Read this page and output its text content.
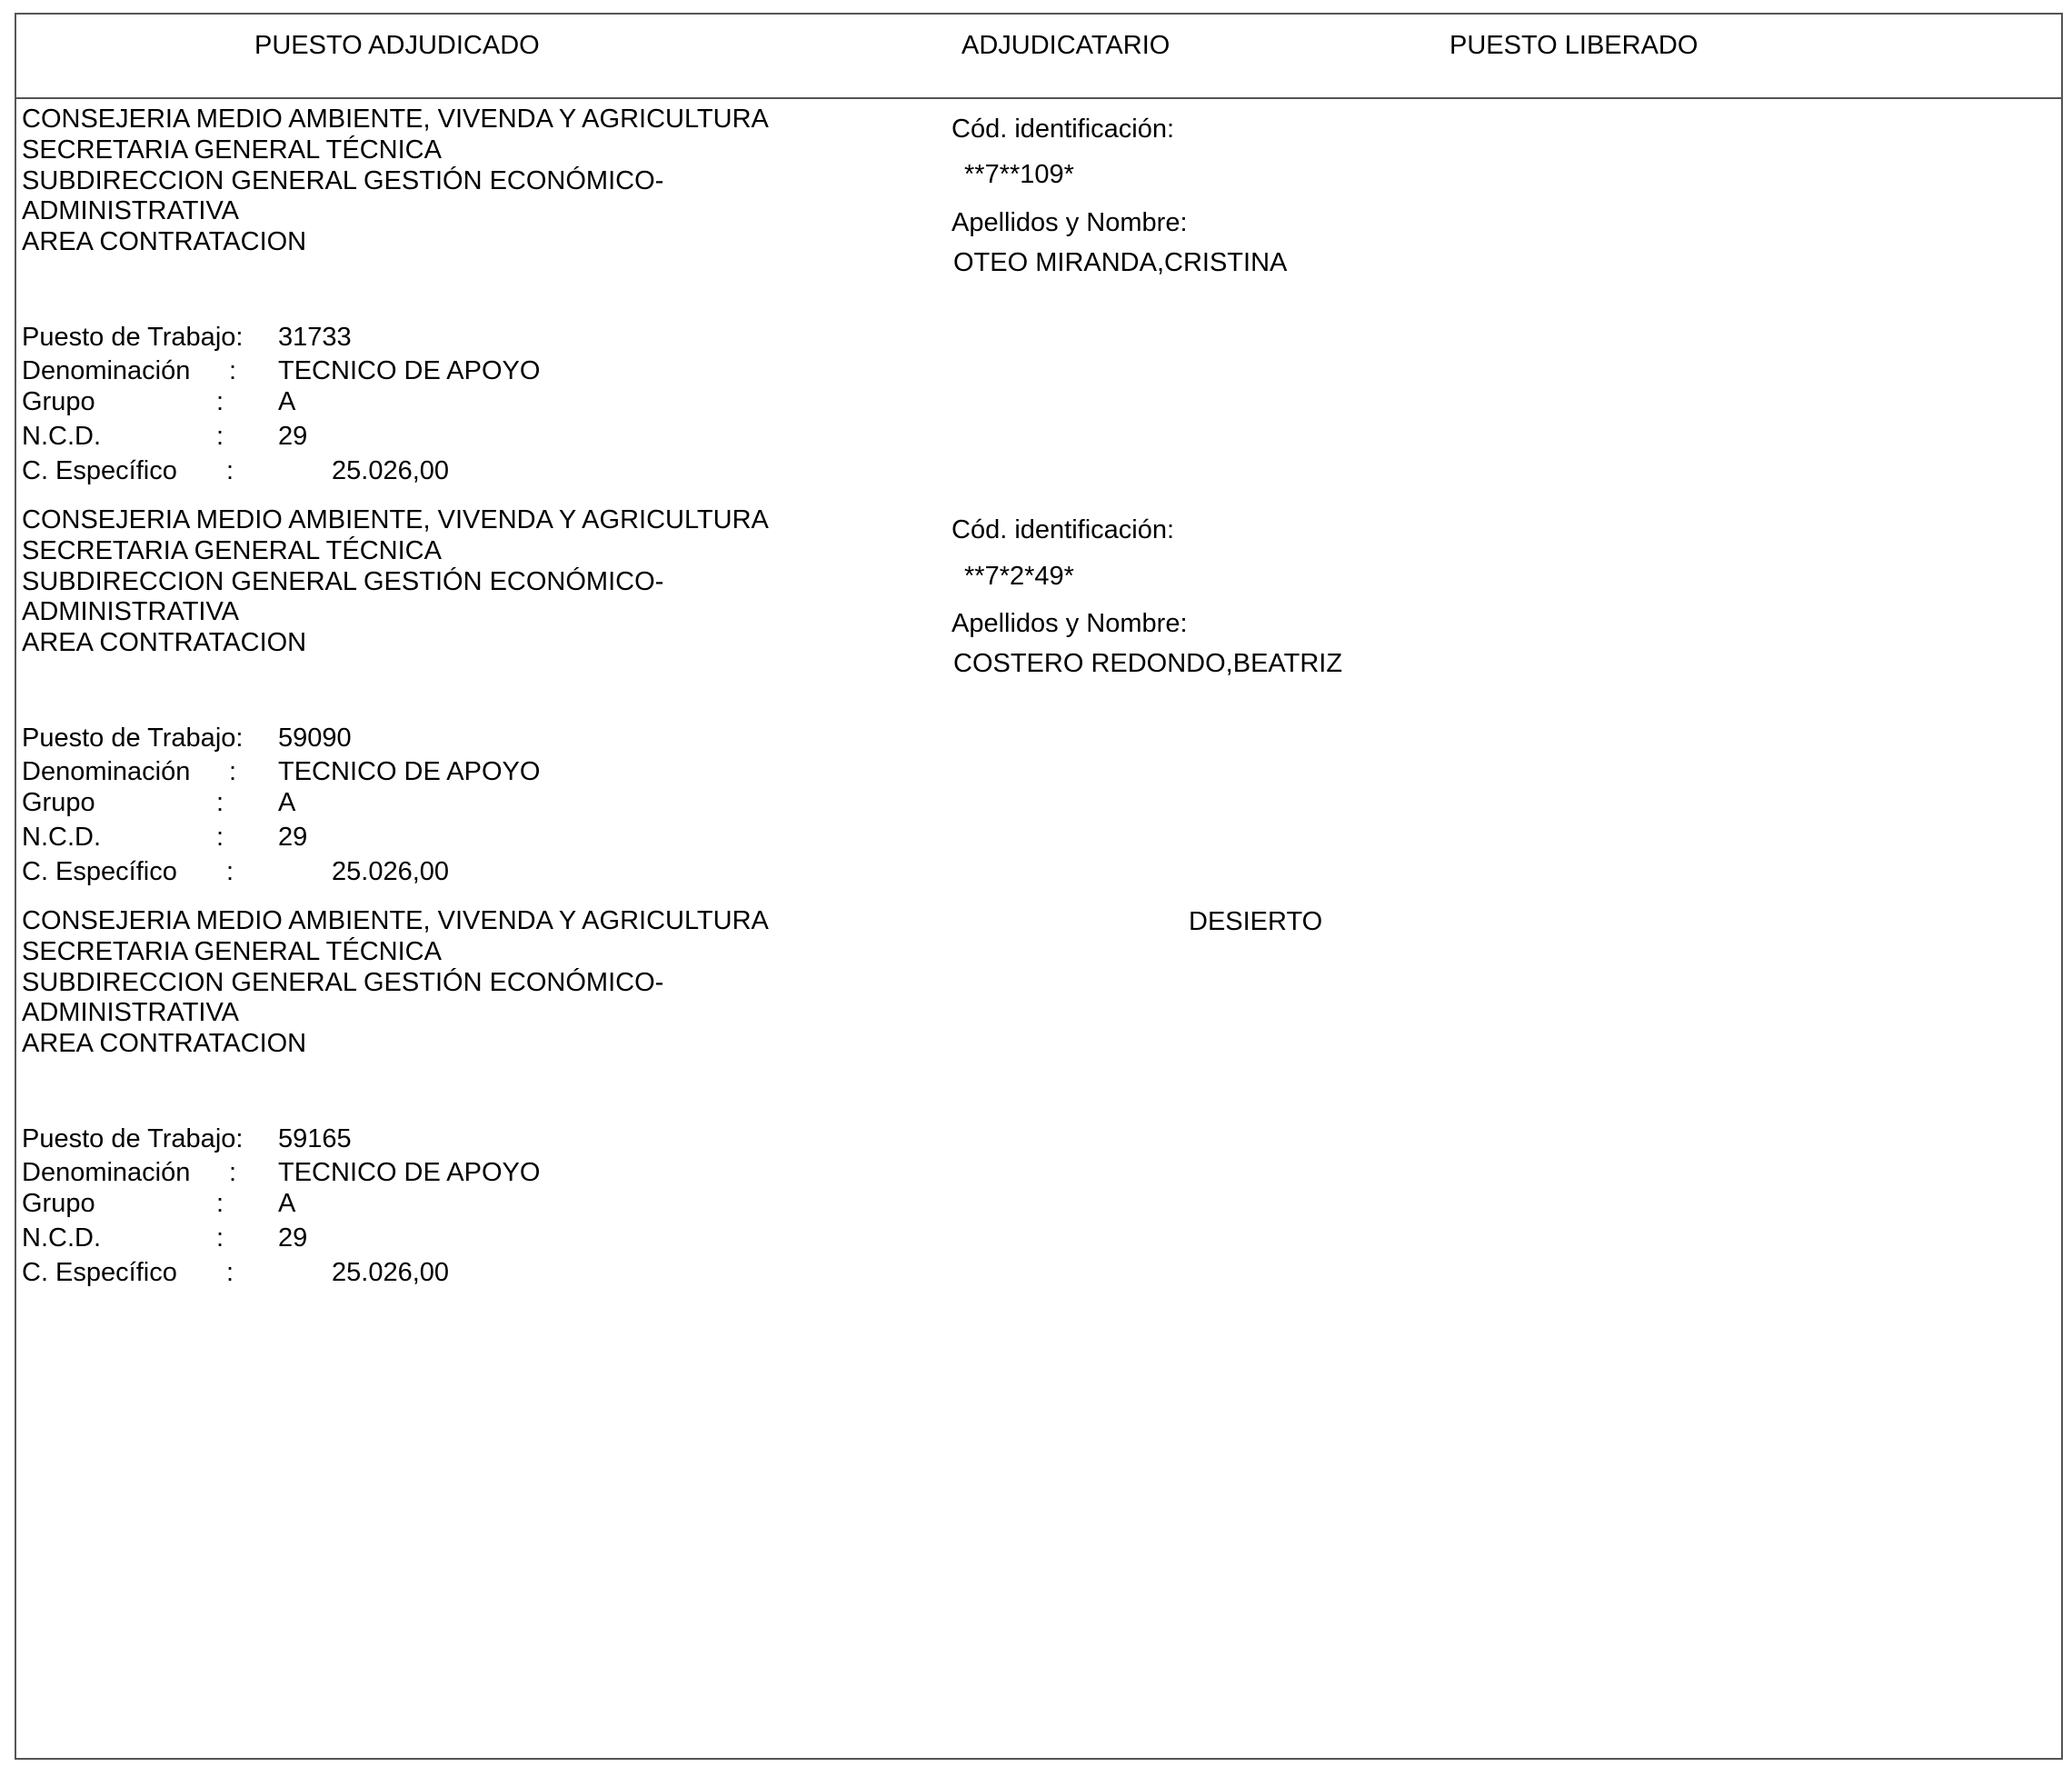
PUESTO ADJUDICADO	ADJUDICATARIO	PUESTO LIBERADO
CONSEJERIA MEDIO AMBIENTE, VIVENDA Y AGRICULTURA
SECRETARIA GENERAL TÉCNICA
SUBDIRECCION GENERAL GESTIÓN ECONÓMICO-
ADMINISTRATIVA
AREA CONTRATACION
Puesto de Trabajo: 31733
Denominación : TECNICO DE APOYO
Grupo	: A
N.C.D.	: 29
C. Específico :	25.026,00
Cód. identificación:
**7**109*
Apellidos y Nombre:
OTEO MIRANDA,CRISTINA
CONSEJERIA MEDIO AMBIENTE, VIVENDA Y AGRICULTURA
SECRETARIA GENERAL TÉCNICA
SUBDIRECCION GENERAL GESTIÓN ECONÓMICO-
ADMINISTRATIVA
AREA CONTRATACION
Puesto de Trabajo: 59090
Denominación : TECNICO DE APOYO
Grupo	: A
N.C.D.	: 29
C. Específico :	25.026,00
Cód. identificación:
**7*2*49*
Apellidos y Nombre:
COSTERO REDONDO,BEATRIZ
CONSEJERIA MEDIO AMBIENTE, VIVENDA Y AGRICULTURA
SECRETARIA GENERAL TÉCNICA
SUBDIRECCION GENERAL GESTIÓN ECONÓMICO-
ADMINISTRATIVA
AREA CONTRATACION
Puesto de Trabajo: 59165
Denominación : TECNICO DE APOYO
Grupo	: A
N.C.D.	: 29
C. Específico :	25.026,00
DESIERTO
